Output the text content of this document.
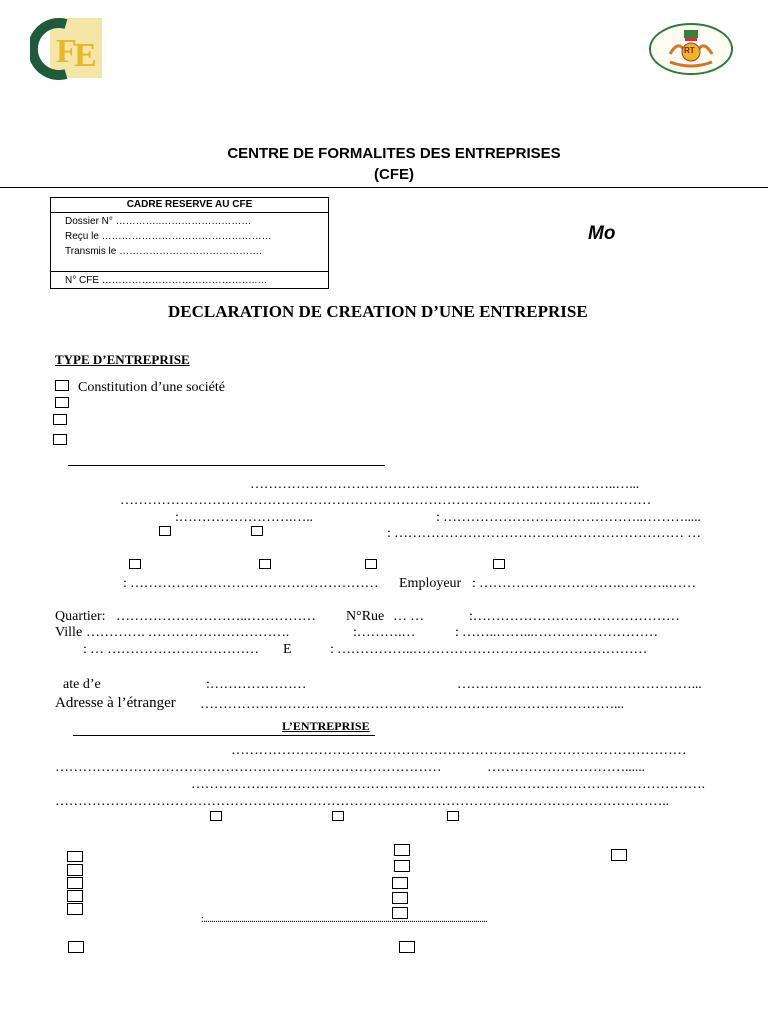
F
E	RT
CENTRE DE FORMALITES DES ENTREPRISES
(CFE)
CADRE RESERVE AU CFE
Dossier N° …………..………………………
Reçu le ……………………………………………
Transmis le …………………………………….
N° CFE ………………………………………..…
Mo
DECLARATION DE CREATION D’UNE ENTREPRISE
TYPE D’ENTREPRISE
Constitution d’une société
……………………………………………………………………..…...
…………………………………………………………………………………………..…………
:…………………….…..	: ……………………………………..……….....
: ……………………………………………………… …
: ……………………………………………… Employeur : ………………………….………..……
Quartier: ………………………..…………… N°Rue … …	:………………………………………
Ville …………. ………………………….	:……….…	: ……..……...………………………
: … …………………………… E	: ……………..……………………………………………
ate d’e	:…………………	……………………………………………...
Adresse à l’étranger ………………………………………………………………………………...
L’ENTREPRISE
………………………………………………………………………………………
…………………………………………………………………………	…………………………......
………………………………………………………………………………………………….
……………………………………………………………………………………………………………………..
:..............................................................................................................................................
